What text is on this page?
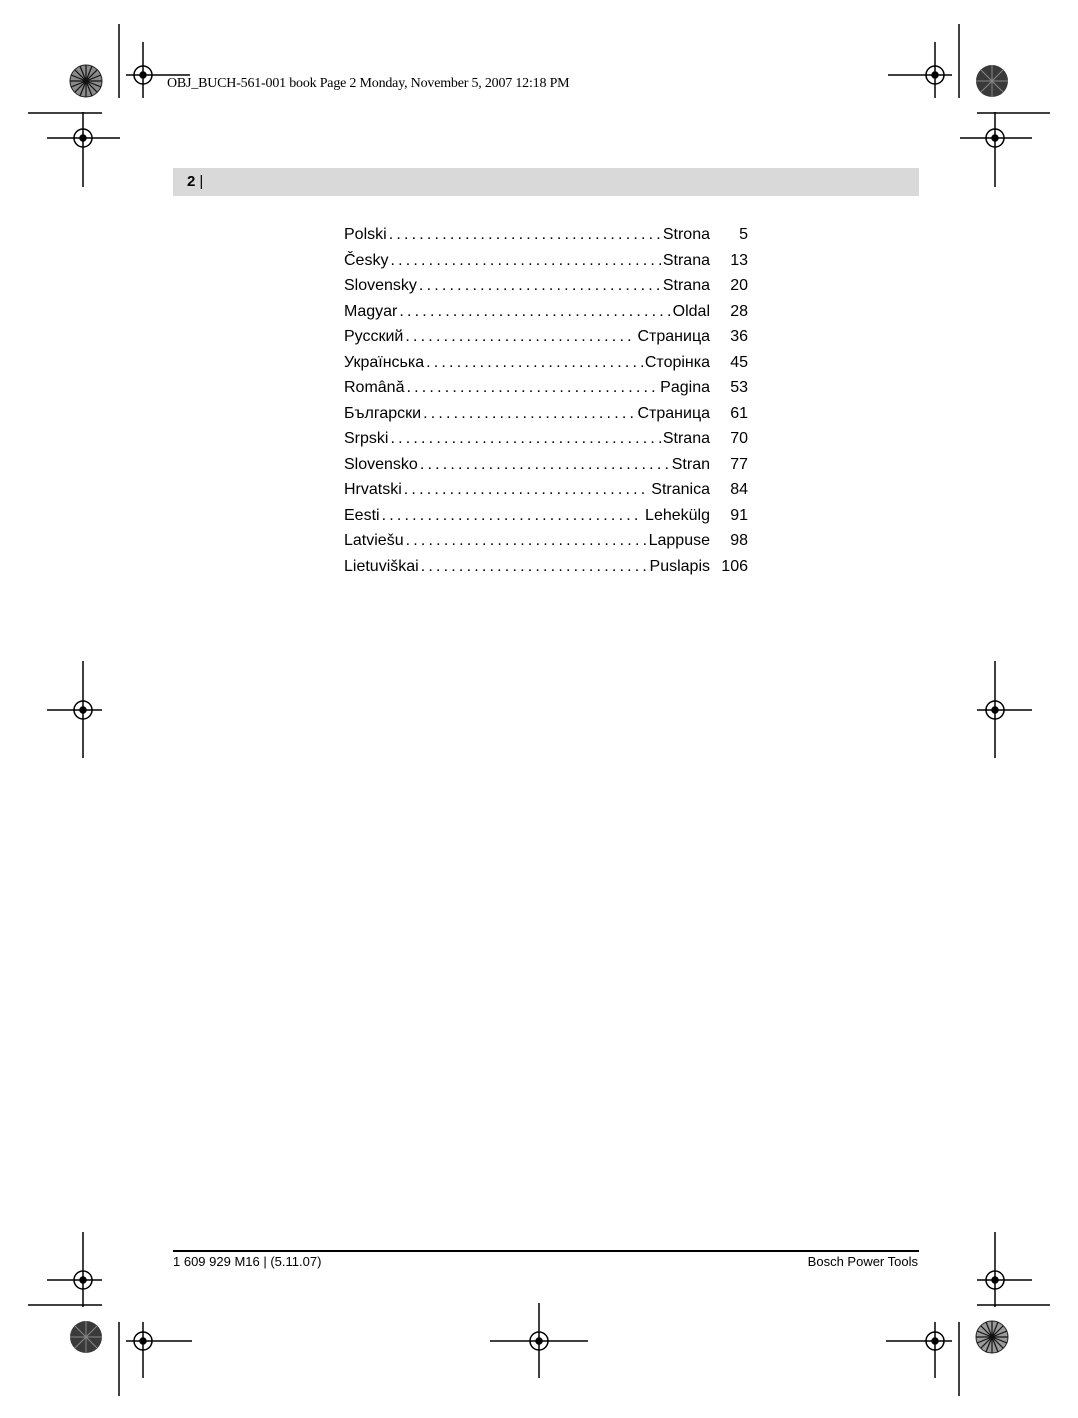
OBJ_BUCH-561-001 book Page 2 Monday, November 5, 2007 12:18 PM
2 |
Polski .....	Strona	5
Česky .....	Strana	13
Slovensky .....	Strana	20
Magyar .....	Oldal	28
Русский .....	Страница	36
Українська .....	Сторінка	45
Română .....	Pagina	53
Български .....	Страница	61
Srpski .....	Strana	70
Slovensko .....	Stran	77
Hrvatski .....	Stranica	84
Eesti .....	Lehekülg	91
Latviešu .....	Lappuse	98
Lietuviškai .....	Puslapis 106
1 609 929 M16 | (5.11.07)	Bosch Power Tools
